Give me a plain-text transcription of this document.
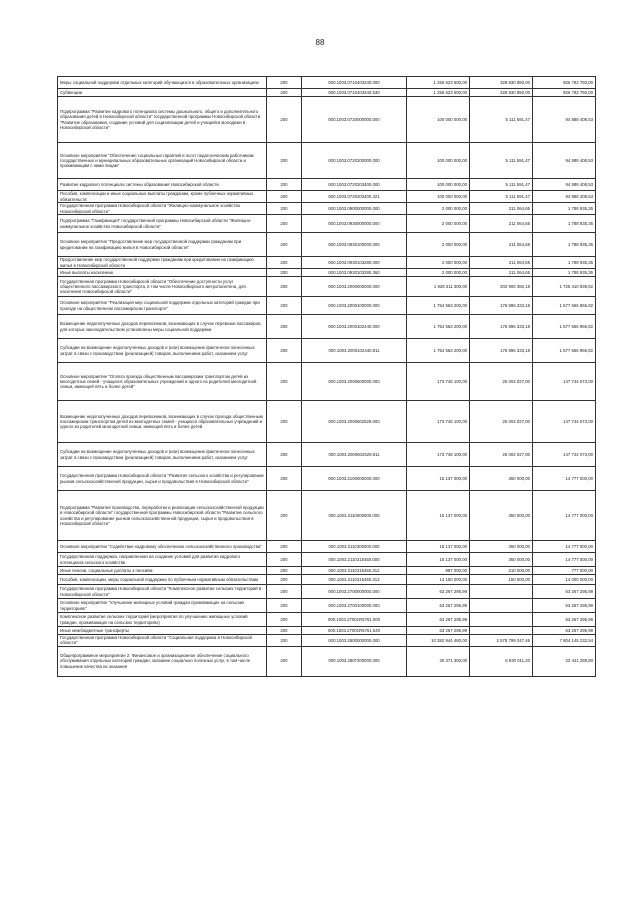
88
Меры социальной поддержки отдельных категорий обучающихся в образовательных организациях	200	000.1003.0710403340.000	1 255 623 600,00	328 830 850,00	926 792 750,00
Субвенции	200	000.1003.0710403340.530	1 255 623 600,00	328 830 850,00	926 792 750,00
Подпрограмма "Развитие кадрового потенциала системы дошкольного, общего и дополнительного образования детей в Новосибирской области" государственной программы Новосибирской области "Развитие образования, создание условий для социализации детей и учащейся молодежи в Новосибирской области"	200	000.1003.0720000000.000	100 000 000,00	5 111 591,47	94 888 408,53
Основное мероприятие "Обеспечение социальных гарантий и льгот педагогическим работникам государственных и муниципальных образовательных организаций Новосибирской области и проживающим с ними лицам"	200	000.1003.0720200000.000	100 000 000,00	5 111 591,47	94 888 408,53
Развитие кадрового потенциала системы образования Новосибирской области	200	000.1003.0720203400.000	100 000 000,00	5 111 591,47	94 888 408,53
Пособия, компенсации и иные социальные выплаты гражданам, кроме публичных нормативных обязательств	200	000.1003.0720203400.321	100 000 000,00	5 111 591,47	94 888 408,53
Государственная программа Новосибирской области "Жилищно-коммунальное хозяйство Новосибирской области"	200	000.1003.0900000000.000	2 000 000,00	211 064,65	1 788 935,35
Подпрограмма "Газификация" государственной программы Новосибирской области "Жилищно-коммунальное хозяйство Новосибирской области"	200	000.1003.0930000000.000	2 000 000,00	211 064,65	1 788 935,35
Основное мероприятие "Предоставление мер государственной поддержки гражданам при кредитовании на газификацию жилья в Новосибирской области"	200	000.1003.0930100000.000	2 000 000,00	211 064,65	1 788 935,35
Предоставление мер государственной поддержки гражданам при кредитовании на газификацию жилья в Новосибирской области	200	000.1003.0930103280.000	2 000 000,00	211 064,65	1 788 935,35
Иные выплаты населению	200	000.1003.0930103280.360	2 000 000,00	211 064,65	1 788 935,35
Государственная программа Новосибирской области "Обеспечение доступности услуг общественного пассажирского транспорта, в том числе Новосибирского метрополитена, для населения Новосибирской области"	200	000.1003.2000000000.000	1 928 311 300,00	202 900 360,18	1 725 410 939,82
Основное мероприятие "Реализация мер социальной поддержки отдельных категорий граждан при проезде на общественном пассажирском транспорте"	200	000.1003.2000100000.000	1 754 563 200,00	176 896 333,18	1 577 666 866,82
Возмещение недополученных доходов перевозчиков, возникающих в случае перевозки пассажиров, для которых законодательством установлены меры социальной поддержки	200	000.1003.2000102440.000	1 754 563 200,00	176 896 333,18	1 577 666 866,82
Субсидии на возмещение недополученных доходов и (или) возмещение фактически понесенных затрат в связи с производством (реализацией) товаров, выполнением работ, оказанием услуг	200	000.1003.2000102440.811	1 754 563 200,00	176 896 333,18	1 577 666 866,82
Основное мероприятие "Оплата проезда общественным пассажирским транспортом детей из многодетных семей - учащихся образовательных учреждений и одного из родителей многодетной семьи, имеющей пять и более детей"	200	000.1003.2000600000.000	173 748 100,00	26 004 027,00	147 744 073,00
Возмещение недополученных доходов перевозчиков, возникающих в случае проезда общественным пассажирским транспортом детей из многодетных семей - учащихся образовательных учреждений и одного из родителей многодетной семьи, имеющей пять и более детей	200	000.1003.2000602529.000	173 748 100,00	26 004 027,00	147 744 073,00
Субсидии на возмещение недополученных доходов и (или) возмещение фактически понесенных затрат в связи с производством (реализацией) товаров, выполнением работ, оказанием услуг	200	000.1003.2000602529.811	173 748 100,00	26 004 027,00	147 744 073,00
Государственная программа Новосибирской области "Развитие сельского хозяйства и регулирование рынков сельскохозяйственной продукции, сырья и продовольствия в Новосибирской области"	200	000.1003.2100000000.000	15 137 000,00	360 000,00	14 777 000,00
Подпрограмма "Развитие производства, переработки и реализации сельскохозяйственной продукции в Новосибирской области" государственной программы Новосибирской области "Развитие сельского хозяйства и регулирование рынков сельскохозяйственной продукции, сырья и продовольствия в Новосибирской области"	200	000.1003.2110000000.000	15 137 000,00	360 000,00	14 777 000,00
Основное мероприятие "Содействие кадровому обеспечению сельскохозяйственного производства"	200	000.1003.2110300000.000	15 137 000,00	360 000,00	14 777 000,00
Государственная поддержка, направленная на создание условий для развития кадрового потенциала сельского хозяйства	200	000.1003.2110315450.000	15 137 000,00	360 000,00	14 777 000,00
Иные пенсии, социальные доплаты к пенсиям	200	000.1003.2110315450.312	987 000,00	210 000,00	777 000,00
Пособия, компенсации, меры социальной поддержки по публичным нормативным обязательствам	200	000.1003.2110315450.313	14 150 000,00	150 000,00	14 000 000,00
Государственная программа Новосибирской области "Комплексное развитие сельских территорий в Новосибирской области"	200	000.1003.2700000000.000	63 267 295,99		63 267 295,99
Основное мероприятие "Улучшение жилищных условий граждан проживающих на сельских территориях"	200	000.1003.2700100000.000	63 267 295,99		63 267 295,99
Комплексное развитие сельских территорий (мероприятия по улучшению жилищных условий граждан, проживающих на сельских территориях)	200	000.1003.27001R5761.000	63 267 295,99		63 267 295,99
Иные межбюджетные трансферты	200	000.1003.27001R5761.540	63 267 295,99		63 267 295,99
Государственная программа Новосибирской области "Социальная поддержка в Новосибирской области"	200	000.1003.2800000000.000	10 382 944 480,00	2 578 799 247,46	7 804 145 232,54
Общепрограммное мероприятие 2. Финансовое и организационное обеспечение социального обслуживания отдельных категорий граждан, оказание социально полезных услуг, в том числе повышение качества их оказания	200	000.1003.280Г200000.000	30 371 300,00	6 930 011,20	23 441 288,80
